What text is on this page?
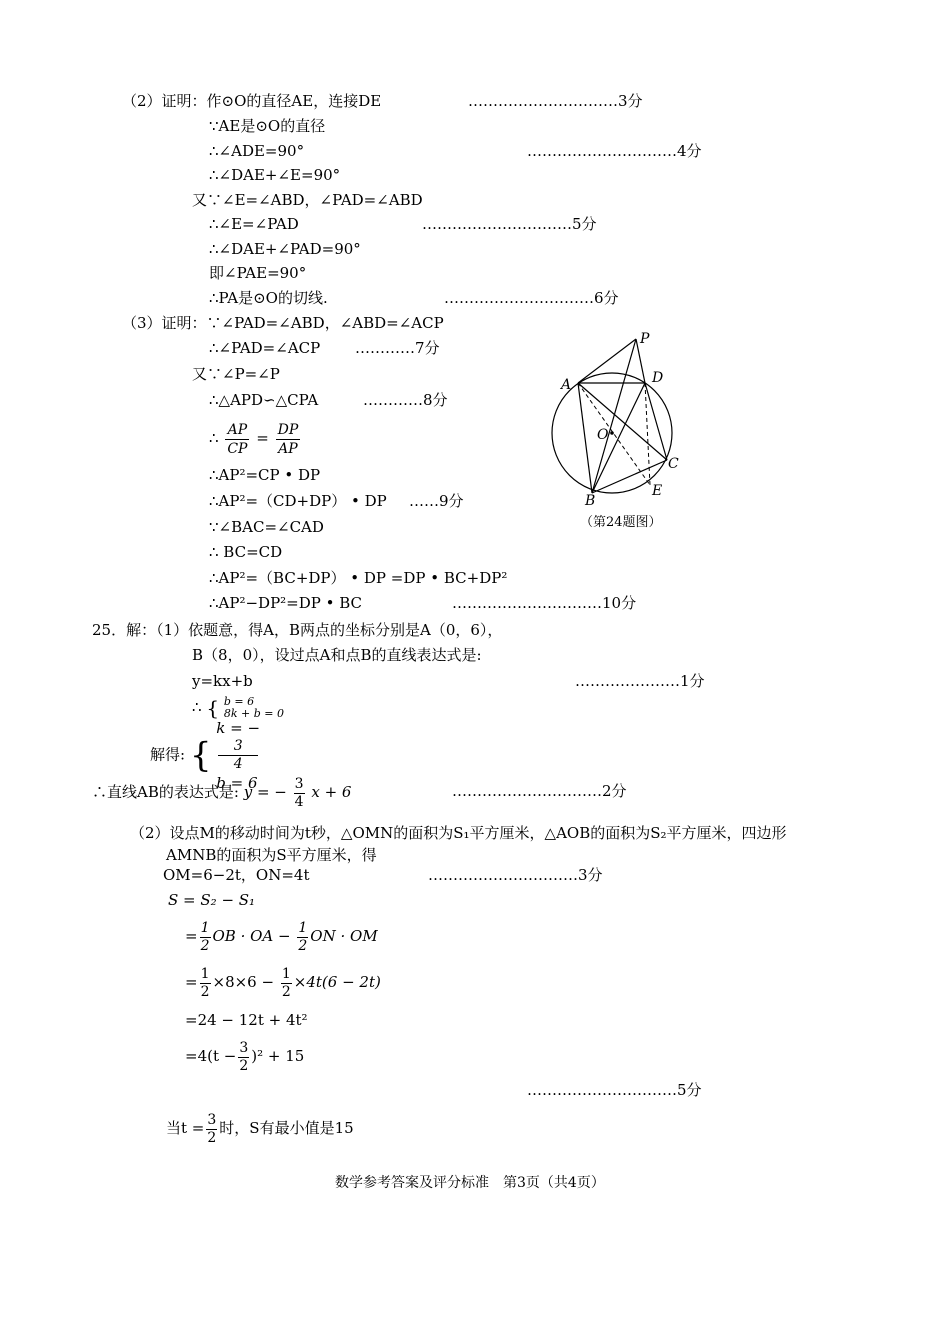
（2）证明：作⊙O的直径AE，连接DE	…………………………3分
∵AE是⊙O的直径
∴∠ADE=90°	…………………………4分
∴∠DAE+∠E=90°
又∵∠E=∠ABD，∠PAD=∠ABD
∴∠E=∠PAD	…………………………5分
∴∠DAE+∠PAD=90°
即∠PAE=90°
∴PA是⊙O的切线.	…………………………6分
（3）证明：∵∠PAD=∠ABD，∠ABD=∠ACP
∴∠PAD=∠ACP …………7分
又∵∠P=∠P
∴△APD∽△CPA	…………8分
∴ $\frac{AP}{CP} = \frac{DP}{AP}$
∴AP²=CP • DP
∴AP²=（CD+DP） • DP ……9分
∵∠BAC=∠CAD
∴ BC=CD
∴AP²=（BC+DP） • DP =DP • BC+DP²
∴AP²−DP²=DP • BC	…………………………10分
P
A	D
O
C
E
B
（第24题图）
25．解：（1）依题意，得A，B两点的坐标分别是A（0，6），
B（8，0），设过点A和点B的直线表达式是:
y=kx+b	…………………1分
∴ { b = 6
8k + b = 0
解得: {
k = −
3
4
b = 6
∴直线AB的表达式是: y = − $\frac{3}{4}$ x + 6	…………………………2分
（2）设点M的移动时间为t秒，△OMN的面积为S₁平方厘米，△AOB的面积为S₂平方厘米，四边形
AMNB的面积为S平方厘米，得
OM=6−2t，ON=4t	…………………………3分
S = S₂ − S₁
= $\frac{1}{2}$ OB · OA − $\frac{1}{2}$ ON · OM
= $\frac{1}{2} \times 8\times 6 - \frac{1}{2} \times 4t(6 - 2t)$
=24 − 12t + 4t²
$=4(t - \frac{3}{2} )^2 + 15$
…………………………5分
当$t = \frac{3}{2}$ 时，S有最小值是15
数学参考答案及评分标准　第3页（共4页）
